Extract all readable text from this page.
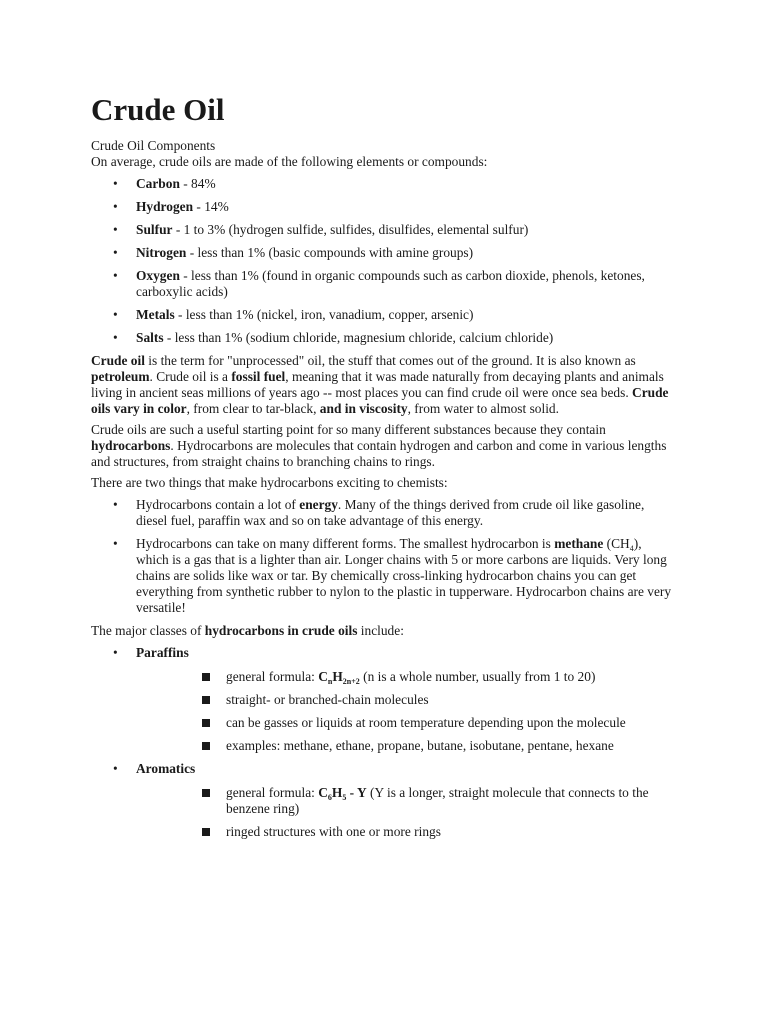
Crude Oil

Crude Oil Components

On average, crude oils are made of the following elements or compounds:

• Carbon - 84%
• Hydrogen - 14%
• Sulfur - 1 to 3% (hydrogen sulfide, sulfides, disulfides, elemental sulfur)
• Nitrogen - less than 1% (basic compounds with amine groups)
• Oxygen - less than 1% (found in organic compounds such as carbon dioxide, phenols, ketones, carboxylic acids)
• Metals - less than 1% (nickel, iron, vanadium, copper, arsenic)
• Salts - less than 1% (sodium chloride, magnesium chloride, calcium chloride)

Crude oil is the term for "unprocessed" oil, the stuff that comes out of the ground. It is also known as petroleum. Crude oil is a fossil fuel, meaning that it was made naturally from decaying plants and animals living in ancient seas millions of years ago -- most places you can find crude oil were once sea beds. Crude oils vary in color, from clear to tar-black, and in viscosity, from water to almost solid.

Crude oils are such a useful starting point for so many different substances because they contain hydrocarbons. Hydrocarbons are molecules that contain hydrogen and carbon and come in various lengths and structures, from straight chains to branching chains to rings.

There are two things that make hydrocarbons exciting to chemists:

• Hydrocarbons contain a lot of energy. Many of the things derived from crude oil like gasoline, diesel fuel, paraffin wax and so on take advantage of this energy.
• Hydrocarbons can take on many different forms. The smallest hydrocarbon is methane $(CH_4)$, which is a gas that is a lighter than air. Longer chains with 5 or more carbons are liquids. Very long chains are solids like wax or tar. By chemically cross-linking hydrocarbon chains you can get everything from synthetic rubber to nylon to the plastic in tupperware. Hydrocarbon chains are very versatile!

The major classes of hydrocarbons in crude oils include:

• Paraffins
general formula: $C_nH_{2n+2}$ (n is a whole number, usually from 1 to 20)
straight- or branched-chain molecules
can be gasses or liquids at room temperature depending upon the molecule
examples: methane, ethane, propane, butane, isobutane, pentane, hexane
• Aromatics
general formula: $C_6H_5$ - Y (Y is a longer, straight molecule that connects to the benzene ring)
ringed structures with one or more rings
